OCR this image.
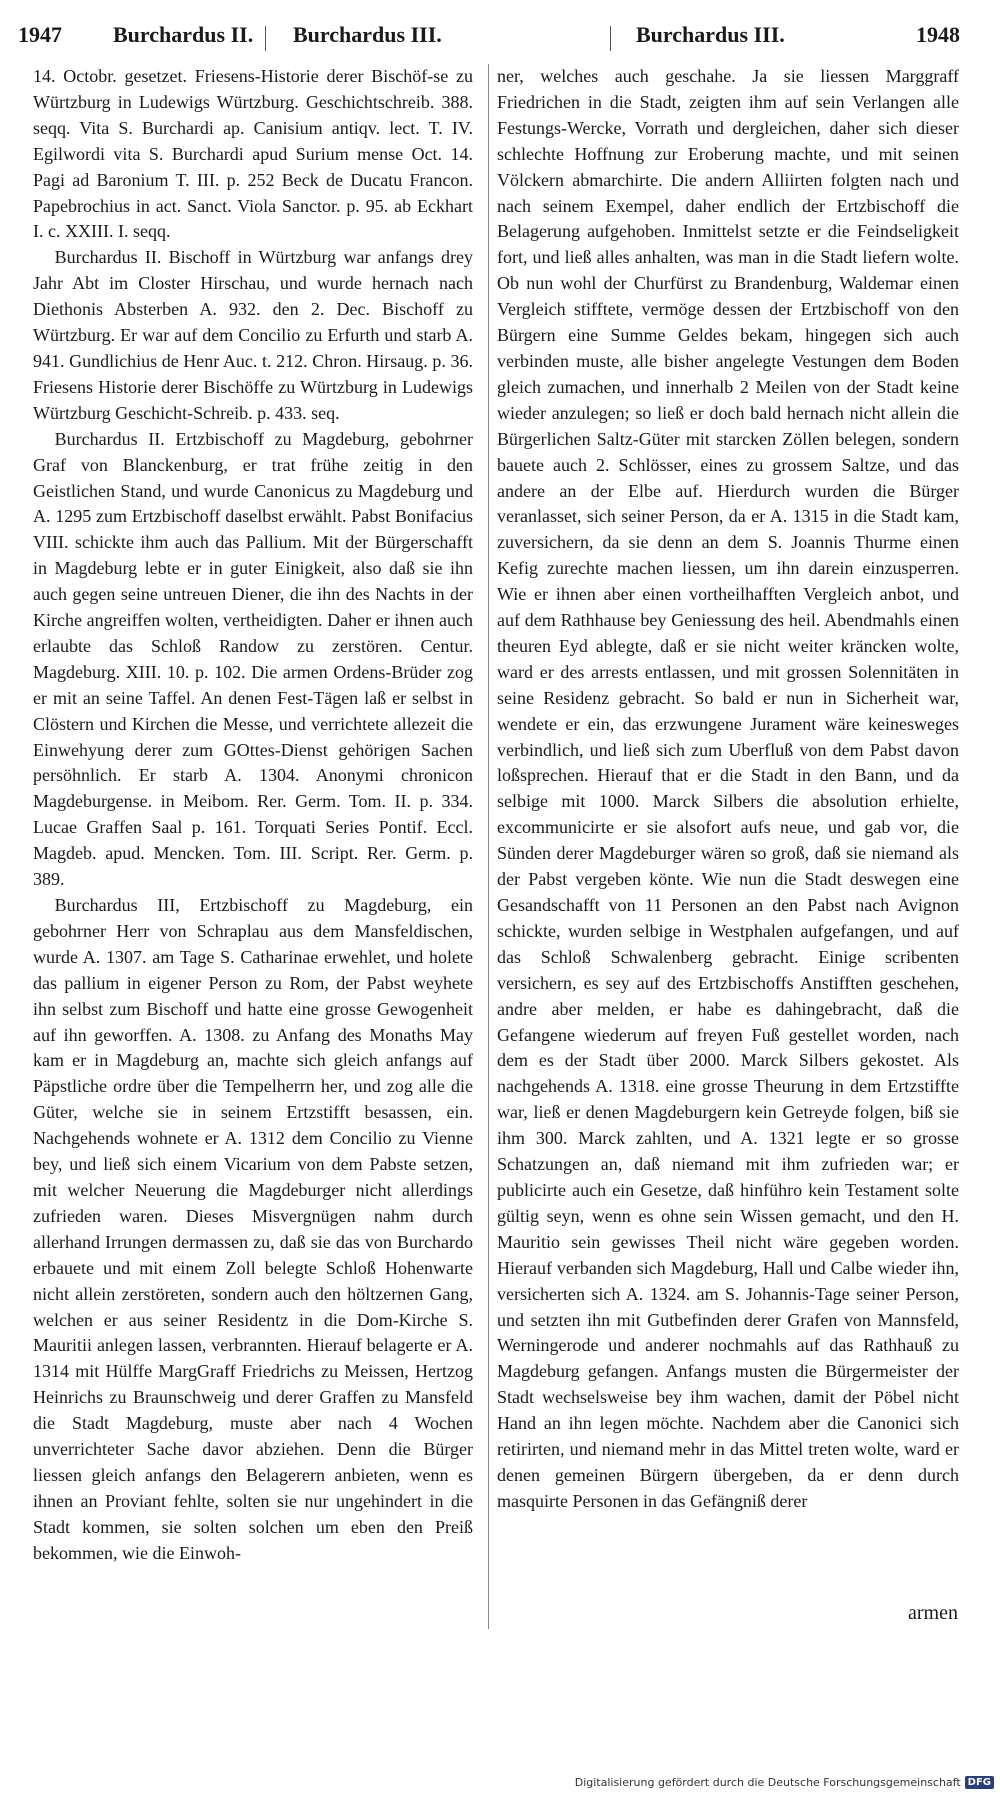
1947 Burchardus II. Burchardus III.	Burchardus III.	1948

14. Octobr. gesetzet. Friesens-Historie derer Bischöf-se zu Würtzburg in Ludewigs Würtzburg. Geschichtschreib. 388. seqq. Vita S. Burchardi ap. Canisium antiqv. lect. T. IV. Egilwordi vita S. Burchardi apud Surium mense Oct. 14. Pagi ad Baronium T. III. p. 252 Beck de Ducatu Francon. Papebrochius in act. Sanct. Viola Sanctor. p. 95. ab Eckhart I. c. XXIII. I. seqq.

Burchardus II. Bischoff in Würtzburg war anfangs drey Jahr Abt im Closter Hirschau, und wurde hernach nach Diethonis Absterben A. 932. den 2. Dec. Bischoff zu Würtzburg. Er war auf dem Concilio zu Erfurth und starb A. 941. Gundlichius de Henr Auc. t. 212. Chron. Hirsaug. p. 36. Friesens Historie derer Bischöffe zu Würtzburg in Ludewigs Würtzburg Geschicht-Schreib. p. 433. seq.

Burchardus II. Ertzbischoff zu Magdeburg, gebohrner Graf von Blanckenburg, er trat frühe zeitig in den Geistlichen Stand, und wurde Canonicus zu Magdeburg und A. 1295 zum Ertzbischoff daselbst erwählt. Pabst Bonifacius VIII. schickte ihm auch das Pallium. Mit der Bürgerschafft in Magdeburg lebte er in guter Einigkeit, also daß sie ihn auch gegen seine untreuen Diener, die ihn des Nachts in der Kirche angreiffen wolten, vertheidigten. Daher er ihnen auch erlaubte das Schloß Randow zu zerstören. Centur. Magdeburg. XIII. 10. p. 102. Die armen Ordens-Brüder zog er mit an seine Taffel. An denen Fest-Tägen laß er selbst in Clöstern und Kirchen die Messe, und verrichtete allezeit die Einwehyung derer zum GOttes-Dienst gehörigen Sachen persöhnlich. Er starb A. 1304. Anonymi chronicon Magdeburgense. in Meibom. Rer. Germ. Tom. II. p. 334. Lucae Graffen Saal p. 161. Torquati Series Pontif. Eccl. Magdeb. apud. Mencken. Tom. III. Script. Rer. Germ. p. 389.

Burchardus III, Ertzbischoff zu Magdeburg, ein gebohrner Herr von Schraplau aus dem Mansfeldischen, wurde A. 1307. am Tage S. Catharinae erwehlet, und holete das pallium in eigener Person zu Rom, der Pabst weyhete ihn selbst zum Bischoff und hatte eine grosse Gewogenheit auf ihn geworffen. A. 1308. zu Anfang des Monaths May kam er in Magdeburg an, machte sich gleich anfangs auf Päpstliche ordre über die Tempelherrn her, und zog alle die Güter, welche sie in seinem Ertzstifft besassen, ein. Nachgehends wohnete er A. 1312 dem Concilio zu Vienne bey, und ließ sich einem Vicarium von dem Pabste setzen, mit welcher Neuerung die Magdeburger nicht allerdings zufrieden waren. Dieses Misvergnügen nahm durch allerhand Irrungen dermassen zu, daß sie das von Burchardo erbauete und mit einem Zoll belegte Schloß Hohenwarte nicht allein zerstöreten, sondern auch den höltzernen Gang, welchen er aus seiner Residentz in die Dom-Kirche S. Mauritii anlegen lassen, verbrannten. Hierauf belagerte er A. 1314 mit Hülffe MargGraff Friedrichs zu Meissen, Hertzog Heinrichs zu Braunschweig und derer Graffen zu Mansfeld die Stadt Magdeburg, muste aber nach 4 Wochen unverrichteter Sache davor abziehen. Denn die Bürger liessen gleich anfangs den Belagerern anbieten, wenn es ihnen an Proviant fehlte, solten sie nur ungehindert in die Stadt kommen, sie solten solchen um eben den Preiß bekommen, wie die Einwoh-

ner, welches auch geschahe. Ja sie liessen Marggraff Friedrichen in die Stadt, zeigten ihm auf sein Verlangen alle Festungs-Wercke, Vorrath und dergleichen, daher sich dieser schlechte Hoffnung zur Eroberung machte, und mit seinen Völckern abmarchirte. Die andern Alliirten folgten nach und nach seinem Exempel, daher endlich der Ertzbischoff die Belagerung aufgehoben. Inmittelst setzte er die Feindseligkeit fort, und ließ alles anhalten, was man in die Stadt liefern wolte. Ob nun wohl der Churfürst zu Brandenburg, Waldemar einen Vergleich stifftete, vermöge dessen der Ertzbischoff von den Bürgern eine Summe Geldes bekam, hingegen sich auch verbinden muste, alle bisher angelegte Vestungen dem Boden gleich zumachen, und innerhalb 2 Meilen von der Stadt keine wieder anzulegen; so ließ er doch bald hernach nicht allein die Bürgerlichen Saltz-Güter mit starcken Zöllen belegen, sondern bauete auch 2. Schlösser, eines zu grossem Saltze, und das andere an der Elbe auf. Hierdurch wurden die Bürger veranlasset, sich seiner Person, da er A. 1315 in die Stadt kam, zuversichern, da sie denn an dem S. Joannis Thurme einen Kefig zurechte machen liessen, um ihn darein einzusperren. Wie er ihnen aber einen vortheilhafften Vergleich anbot, und auf dem Rathhause bey Geniessung des heil. Abendmahls einen theuren Eyd ablegte, daß er sie nicht weiter kräncken wolte, ward er des arrests entlassen, und mit grossen Solennitäten in seine Residenz gebracht. So bald er nun in Sicherheit war, wendete er ein, das erzwungene Jurament wäre keinesweges verbindlich, und ließ sich zum Uberfluß von dem Pabst davon loßsprechen. Hierauf that er die Stadt in den Bann, und da selbige mit 1000. Marck Silbers die absolution erhielte, excommunicirte er sie alsofort aufs neue, und gab vor, die Sünden derer Magdeburger wären so groß, daß sie niemand als der Pabst vergeben könte. Wie nun die Stadt deswegen eine Gesandschafft von 11 Personen an den Pabst nach Avignon schickte, wurden selbige in Westphalen aufgefangen, und auf das Schloß Schwalenberg gebracht. Einige scribenten versichern, es sey auf des Ertzbischoffs Anstifften geschehen, andre aber melden, er habe es dahingebracht, daß die Gefangene wiederum auf freyen Fuß gestellet worden, nach dem es der Stadt über 2000. Marck Silbers gekostet. Als nachgehends A. 1318. eine grosse Theurung in dem Ertzstiffte war, ließ er denen Magdeburgern kein Getreyde folgen, biß sie ihm 300. Marck zahlten, und A. 1321 legte er so grosse Schatzungen an, daß niemand mit ihm zufrieden war; er publicirte auch ein Gesetze, daß hinführo kein Testament solte gültig seyn, wenn es ohne sein Wissen gemacht, und den H. Mauritio sein gewisses Theil nicht wäre gegeben worden. Hierauf verbanden sich Magdeburg, Hall und Calbe wieder ihn, versicherten sich A. 1324. am S. Johannis-Tage seiner Person, und setzten ihn mit Gutbefinden derer Grafen von Mannsfeld, Werningerode und anderer nochmahls auf das Rathhauß zu Magdeburg gefangen. Anfangs musten die Bürgermeister der Stadt wechselsweise bey ihm wachen, damit der Pöbel nicht Hand an ihn legen möchte. Nachdem aber die Canonici sich retirirten, und niemand mehr in das Mittel treten wolte, ward er denen gemeinen Bürgern übergeben, da er denn durch masquirte Personen in das Gefängniß derer

armen
Digitalisierung gefördert durch die Deutsche Forschungsgemeinschaft DFG
